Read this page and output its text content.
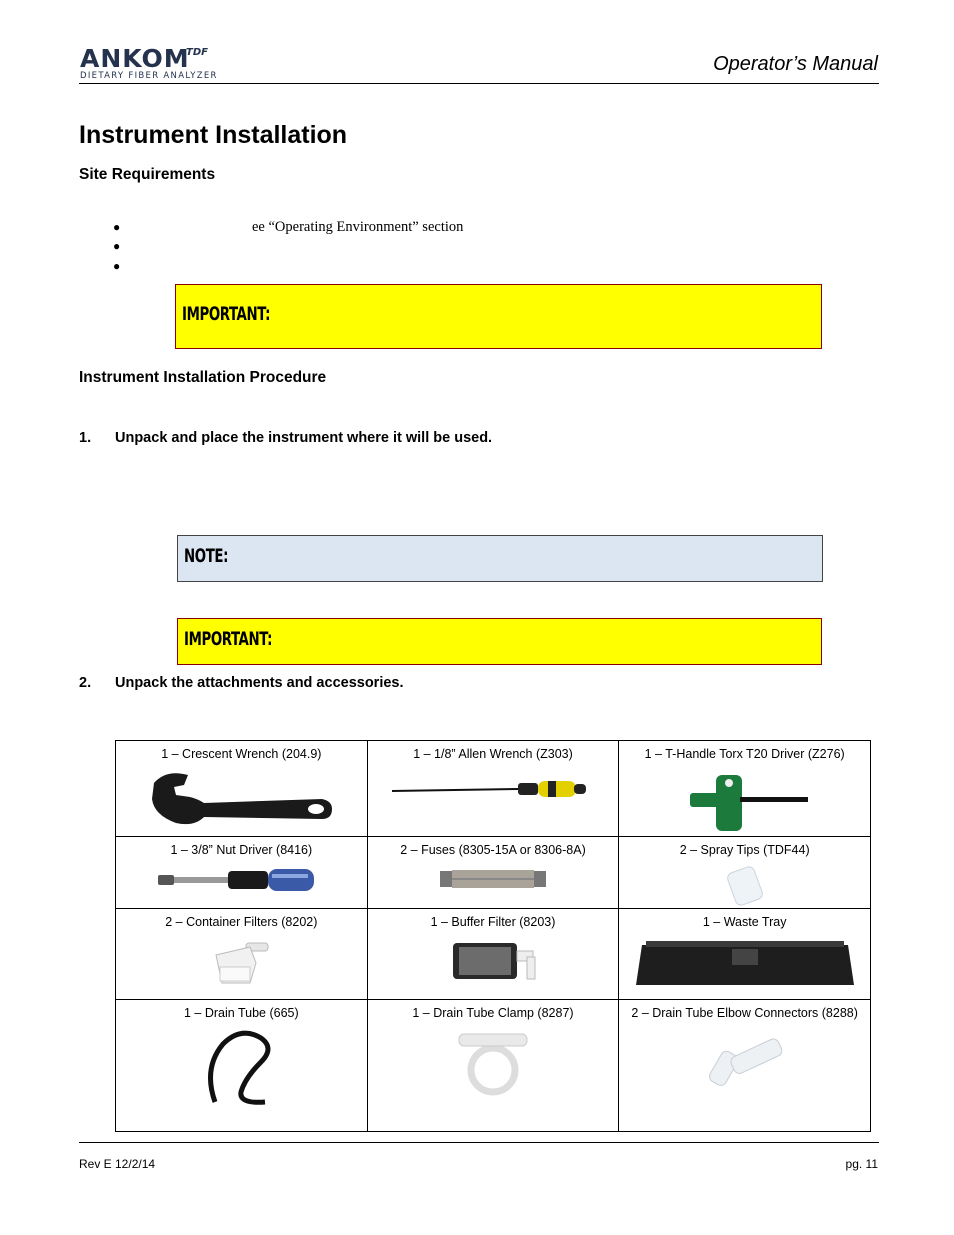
ANKOM
TDF
DIETARY FIBER ANALYZER
Operator’s Manual
Instrument Installation
Site Requirements
●	ee “Operating Environment” section
●
●
IMPORTANT:
Instrument Installation Procedure
1. Unpack and place the instrument where it will be used.
NOTE:
IMPORTANT:
2. Unpack the attachments and accessories.
1 – Crescent Wrench (204.9)	1 – 1/8” Allen Wrench (Z303)	1 – T-Handle Torx T20 Driver (Z276)

1 – 3/8” Nut Driver (8416)	2 – Fuses (8305-15A or 8306-8A)	2 – Spray Tips (TDF44)

2 – Container Filters (8202)	1 – Buffer Filter (8203)	1 – Waste Tray

1 – Drain Tube (665)	1 – Drain Tube Clamp (8287)	2 – Drain Tube Elbow Connectors (8288)
Rev E 12/2/14	pg. 11
